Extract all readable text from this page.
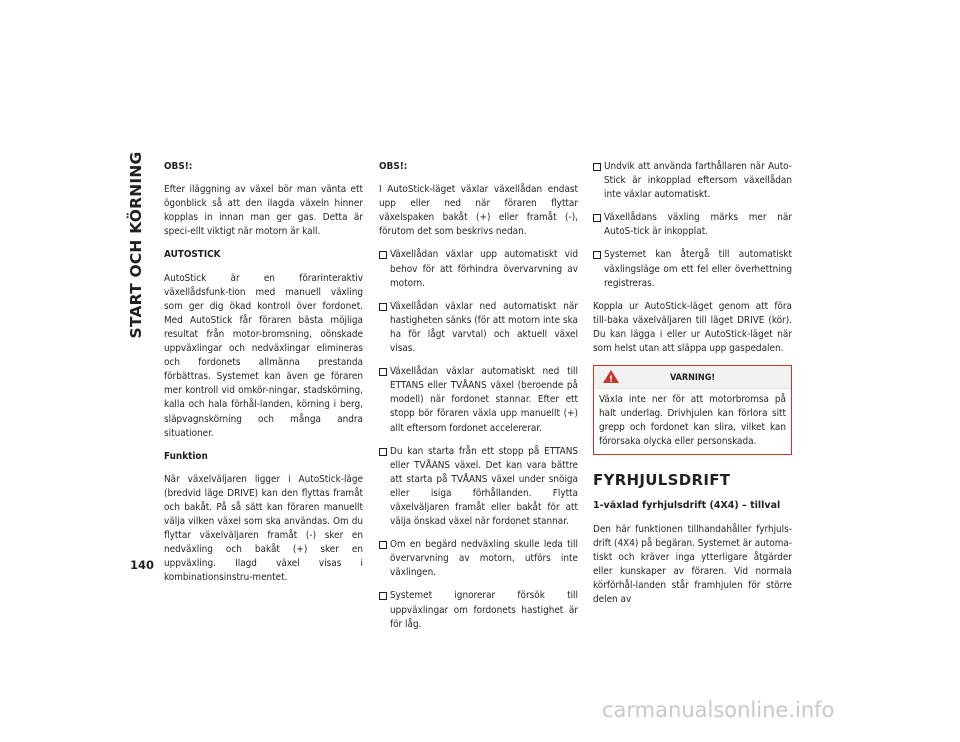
START OCH KÖRNING
140

OBS!:

Efter iläggning av växel bör man vänta ett ögonblick så att den ilagda växeln hinner kopplas in innan man ger gas. Detta är speci-ellt viktigt när motorn är kall.

AUTOSTICK

AutoStick är en förarinteraktiv växellådsfunk-tion med manuell växling som ger dig ökad kontroll över fordonet. Med AutoStick får föraren bästa möjliga resultat från motor-bromsning, oönskade uppväxlingar och nedväxlingar elimineras och fordonets allmänna prestanda förbättras. Systemet kan även ge föraren mer kontroll vid omkör-ningar, stadskörning, kalla och hala förhål-landen, körning i berg, släpvagnskörning och många andra situationer.

Funktion

När växelväljaren ligger i AutoStick-läge (bredvid läge DRIVE) kan den flyttas framåt och bakåt. På så sätt kan föraren manuellt välja vilken växel som ska användas. Om du flyttar växelväljaren framåt (-) sker en nedväxling och bakåt (+) sker en uppväxling. Ilagd växel visas i kombinationsinstru-mentet.

OBS!:

I AutoStick-läget växlar växellådan endast upp eller ned när föraren flyttar växelspaken bakåt (+) eller framåt (-), förutom det som beskrivs nedan.

Växellådan växlar upp automatiskt vid behov för att förhindra övervarvning av motorn.
Växellådan växlar ned automatiskt när hastigheten sänks (för att motorn inte ska ha för lågt varvtal) och aktuell växel visas.
Växellådan växlar automatiskt ned till ETTANS eller TVÅANS växel (beroende på modell) när fordonet stannar. Efter ett stopp bör föraren växla upp manuellt (+) allt eftersom fordonet accelererar.
Du kan starta från ett stopp på ETTANS eller TVÅANS växel. Det kan vara bättre att starta på TVÅANS växel under snöiga eller isiga förhållanden. Flytta växelväljaren framåt eller bakåt för att välja önskad växel när fordonet stannar.
Om en begärd nedväxling skulle leda till övervarvning av motorn, utförs inte växlingen.
Systemet ignorerar försök till uppväxlingar om fordonets hastighet är för låg.
Undvik att använda farthållaren när Auto-Stick är inkopplad eftersom växellådan inte växlar automatiskt.
Växellådans växling märks mer när AutoS-tick är inkopplat.
Systemet kan återgå till automatiskt växlingsläge om ett fel eller överhettning registreras.

Koppla ur AutoStick-läget genom att föra till-baka växelväljaren till läget DRIVE (kör). Du kan lägga i eller ur AutoStick-läget när som helst utan att släppa upp gaspedalen.

!	VARNING!
Växla inte ner för att motorbromsa på halt underlag. Drivhjulen kan förlora sitt grepp och fordonet kan slira, vilket kan förorsaka olycka eller personskada.
FYRHJULSDRIFT
1-växlad fyrhjulsdrift (4X4) – tillval

Den här funktionen tillhandahåller fyrhjuls-drift (4X4) på begäran. Systemet är automa-tiskt och kräver inga ytterligare åtgärder eller kunskaper av föraren. Vid normala körförhål-landen står framhjulen för större delen av

carmanualsonline.info
